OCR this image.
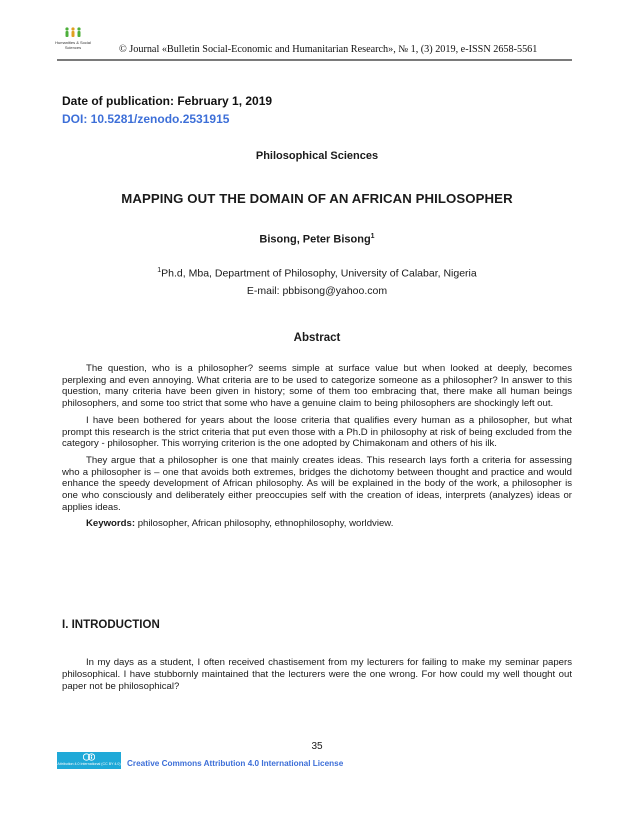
Humanities & Social
Sciences	© Journal «Bulletin Social-Economic and Humanitarian Research», № 1, (3) 2019, e-ISSN 2658-5561
Date of publication: February 1, 2019
DOI: 10.5281/zenodo.2531915
Philosophical Sciences
MAPPING OUT THE DOMAIN OF AN AFRICAN PHILOSOPHER
Bisong, Peter Bisong$^1$
$^1$Ph.d, Mba, Department of Philosophy, University of Calabar, Nigeria
E-mail: pbbisong@yahoo.com
Abstract

The question, who is a philosopher? seems simple at surface value but when looked at deeply, becomes perplexing and even annoying. What criteria are to be used to categorize someone as a philosopher? In answer to this question, many criteria have been given in history; some of them too embracing that, there make all human beings philosophers, and some too strict that some who have a genuine claim to being philosophers are shockingly left out.

I have been bothered for years about the loose criteria that qualifies every human as a philosopher, but what prompt this research is the strict criteria that put even those with a Ph.D in philosophy at risk of being excluded from the category - philosopher. This worrying criterion is the one adopted by Chimakonam and others of his ilk.

They argue that a philosopher is one that mainly creates ideas. This research lays forth a criteria for assessing who a philosopher is – one that avoids both extremes, bridges the dichotomy between thought and practice and would enhance the speedy development of African philosophy. As will be explained in the body of the work, a philosopher is one who consciously and deliberately either preoccupies self with the creation of ideas, interprets (analyzes) ideas or applies ideas.

Keywords: philosopher, African philosophy, ethnophilosophy, worldview.

I. INTRODUCTION

In my days as a student, I often received chastisement from my lecturers for failing to make my seminar papers philosophical. I have stubbornly maintained that the lecturers were the one wrong. For how could my well thought out paper not be philosophical?

35
Attribution 4.0 International (CC BY 4.0) Creative Commons Attribution 4.0 International License
